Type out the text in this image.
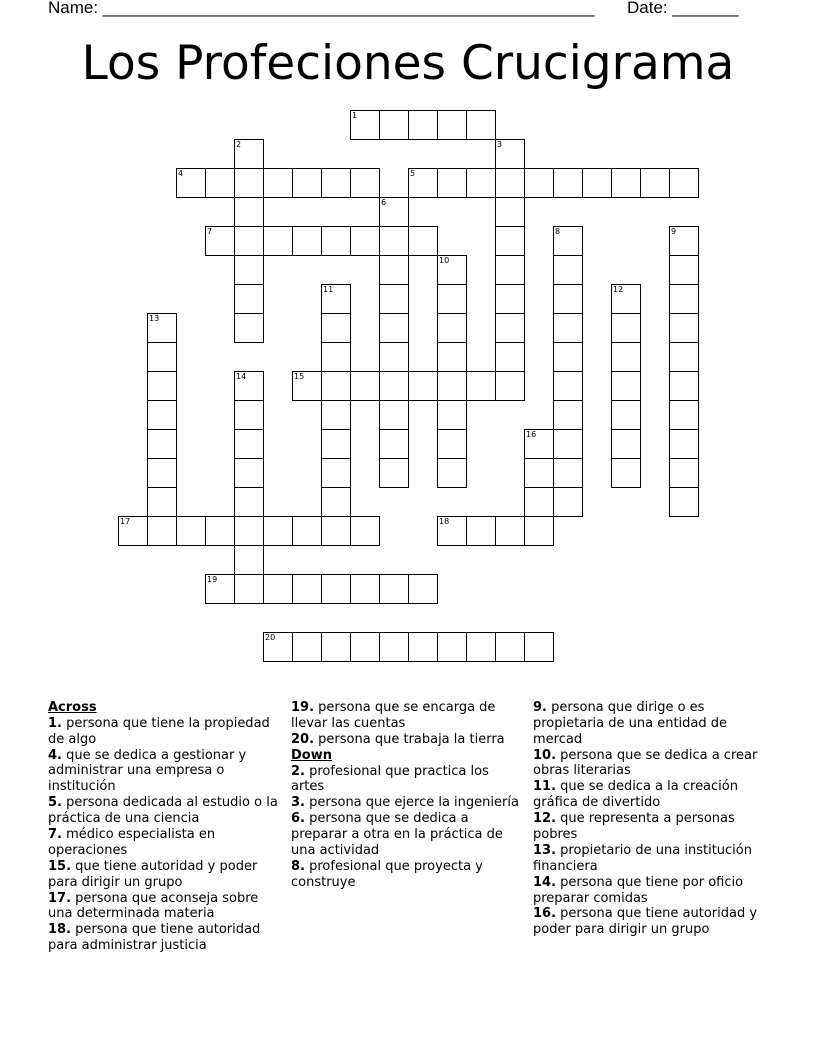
Name: ____________________________________________________ Date: _______
Los Profeciones Crucigrama
1
2	3
4	5
6
7	8	9
10
11	12
13
14	15
16
17	18
19
20
Across
1. persona que tiene la propiedad de algo
4. que se dedica a gestionar y administrar una empresa o institución
5. persona dedicada al estudio o la práctica de una ciencia
7. médico especialista en operaciones
15. que tiene autoridad y poder para dirigir un grupo
17. persona que aconseja sobre una determinada materia
18. persona que tiene autoridad para administrar justicia
19. persona que se encarga de llevar las cuentas
20. persona que trabaja la tierra
Down
2. profesional que practica los artes
3. persona que ejerce la ingeniería
6. persona que se dedica a preparar a otra en la práctica de una actividad
8. profesional que proyecta y construye
9. persona que dirige o es propietaria de una entidad de mercad
10. persona que se dedica a crear obras literarias
11. que se dedica a la creación gráfica de divertido
12. que representa a personas pobres
13. propietario de una institución financiera
14. persona que tiene por oficio preparar comidas
16. persona que tiene autoridad y poder para dirigir un grupo
